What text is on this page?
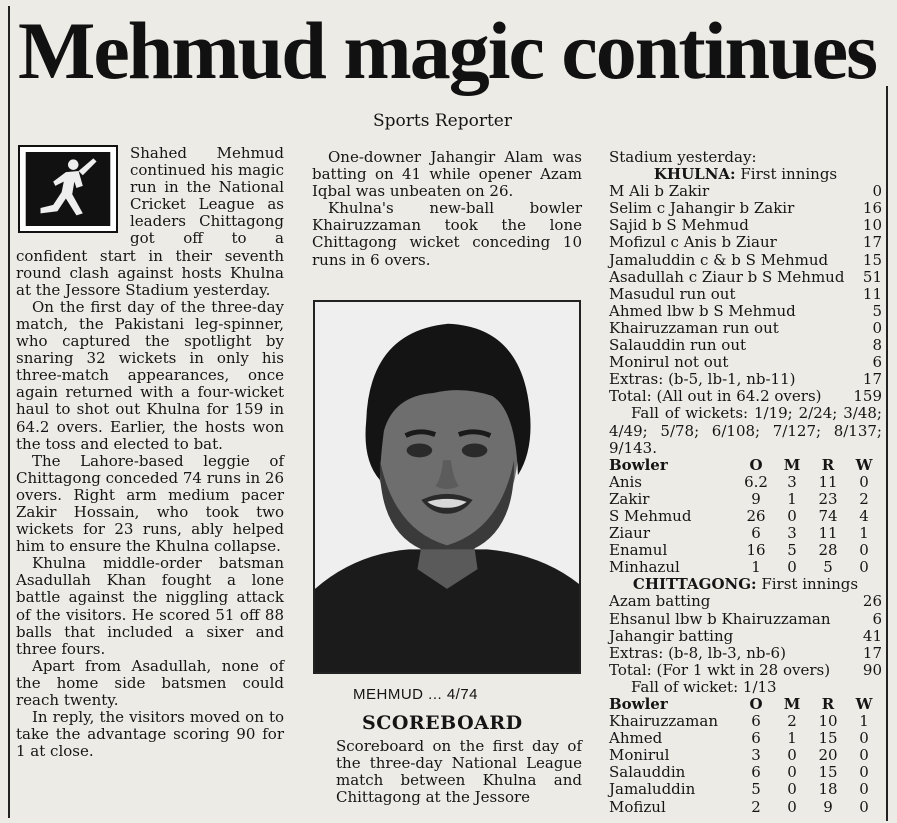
Mehmud magic continues
Sports Reporter

Shahed Mehmud continued his magic run in the National Cricket League as leaders Chittagong got off to a confident start in their seventh round clash against hosts Khulna at the Jessore Stadium yesterday.

On the first day of the three-day match, the Pakistani leg-spinner, who captured the spotlight by snaring 32 wickets in only his three-match appearances, once again returned with a four-wicket haul to shot out Khulna for 159 in 64.2 overs. Earlier, the hosts won the toss and elected to bat.

The Lahore-based leggie of Chittagong conceded 74 runs in 26 overs. Right arm medium pacer Zakir Hossain, who took two wickets for 23 runs, ably helped him to ensure the Khulna collapse.

Khulna middle-order batsman Asadullah Khan fought a lone battle against the niggling attack of the visitors. He scored 51 off 88 balls that included a sixer and three fours.

Apart from Asadullah, none of the home side batsmen could reach twenty.

In reply, the visitors moved on to take the advantage scoring 90 for 1 at close.

One-downer Jahangir Alam was batting on 41 while opener Azam Iqbal was unbeaten on 26.

Khulna's new-ball bowler Khairuzzaman took the lone Chittagong wicket conceding 10 runs in 6 overs.

MEHMUD ... 4/74
SCOREBOARD

Scoreboard on the first day of the three-day National League match between Khulna and Chittagong at the Jessore

Stadium yesterday:
KHULNA: First innings
M Ali b Zakir	0
Selim c Jahangir b Zakir	16
Sajid b S Mehmud	10
Mofizul c Anis b Ziaur	17
Jamaluddin c & b S Mehmud	15
Asadullah c Ziaur b S Mehmud	51
Masudul run out	11
Ahmed lbw b S Mehmud	5
Khairuzzaman run out	0
Salauddin run out	8
Monirul not out	6
Extras: (b-5, lb-1, nb-11)	17
Total: (All out in 64.2 overs)	159
Fall of wickets: 1/19; 2/24; 3/48; 4/49; 5/78; 6/108; 7/127; 8/137; 9/143.
Bowler	O	M	R	W
Anis	6.2	3	11	0
Zakir	9	1	23	2
S Mehmud	26	0	74	4
Ziaur	6	3	11	1
Enamul	16	5	28	0
Minhazul	1	0	5	0
CHITTAGONG: First innings
Azam batting	26
Ehsanul lbw b Khairuzzaman	6
Jahangir batting	41
Extras: (b-8, lb-3, nb-6)	17
Total: (For 1 wkt in 28 overs)	90
Fall of wicket: 1/13
Bowler	O	M	R	W
Khairuzzaman	6	2	10	1
Ahmed	6	1	15	0
Monirul	3	0	20	0
Salauddin	6	0	15	0
Jamaluddin	5	0	18	0
Mofizul	2	0	9	0
